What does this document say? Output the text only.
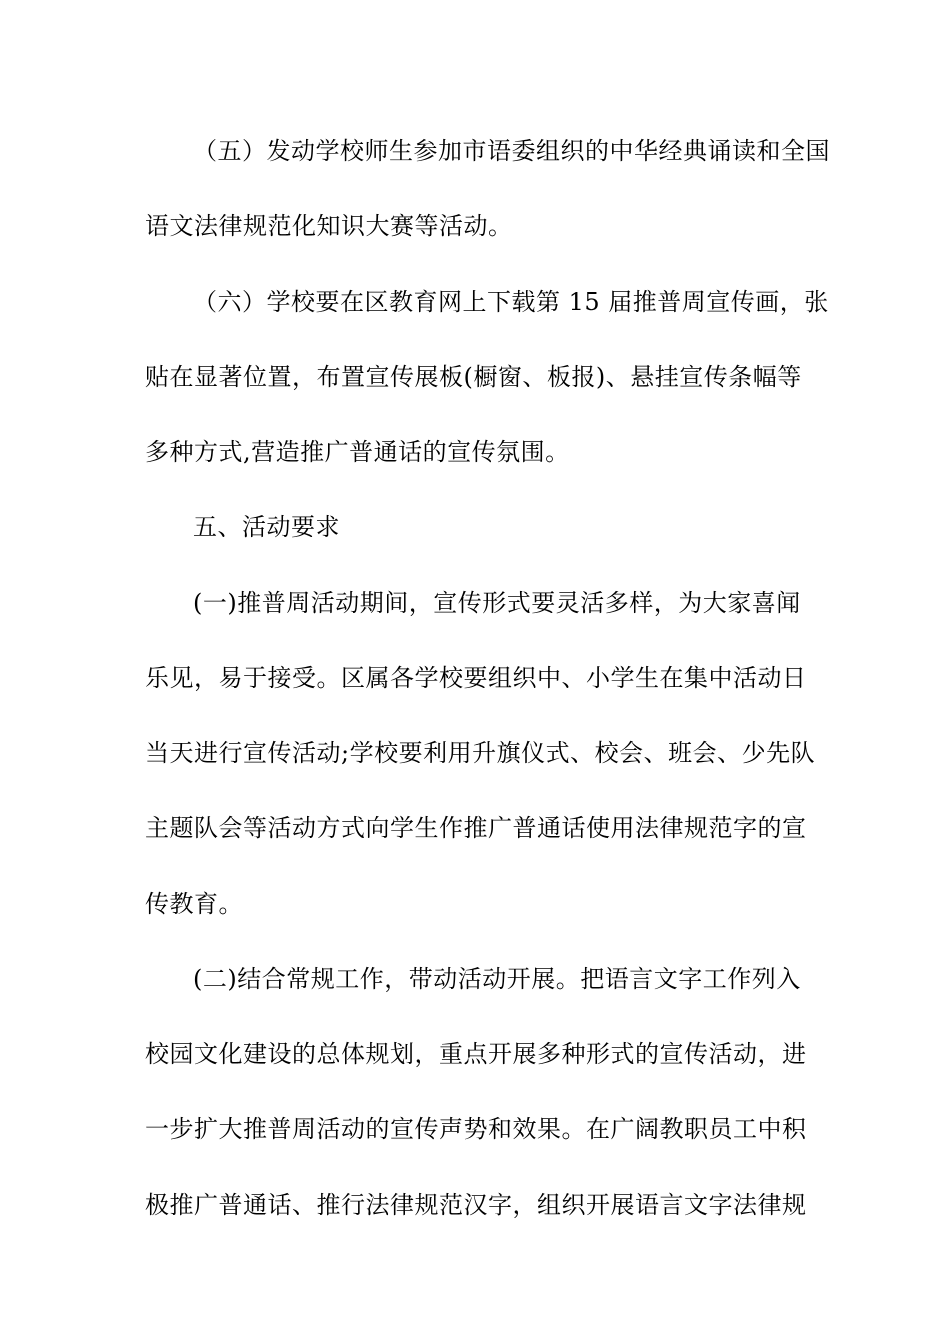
（五）发动学校师生参加市语委组织的中华经典诵读和全国
语文法律规范化知识大赛等活动。
（六）学校要在区教育网上下载第 15 届推普周宣传画，张
贴在显著位置，布置宣传展板(橱窗、板报)、悬挂宣传条幅等
多种方式,营造推广普通话的宣传氛围。
五、活动要求
(一)推普周活动期间，宣传形式要灵活多样，为大家喜闻
乐见，易于接受。区属各学校要组织中、小学生在集中活动日
当天进行宣传活动;学校要利用升旗仪式、校会、班会、少先队
主题队会等活动方式向学生作推广普通话使用法律规范字的宣
传教育。
(二)结合常规工作，带动活动开展。把语言文字工作列入
校园文化建设的总体规划，重点开展多种形式的宣传活动，进
一步扩大推普周活动的宣传声势和效果。在广阔教职员工中积
极推广普通话、推行法律规范汉字，组织开展语言文字法律规
